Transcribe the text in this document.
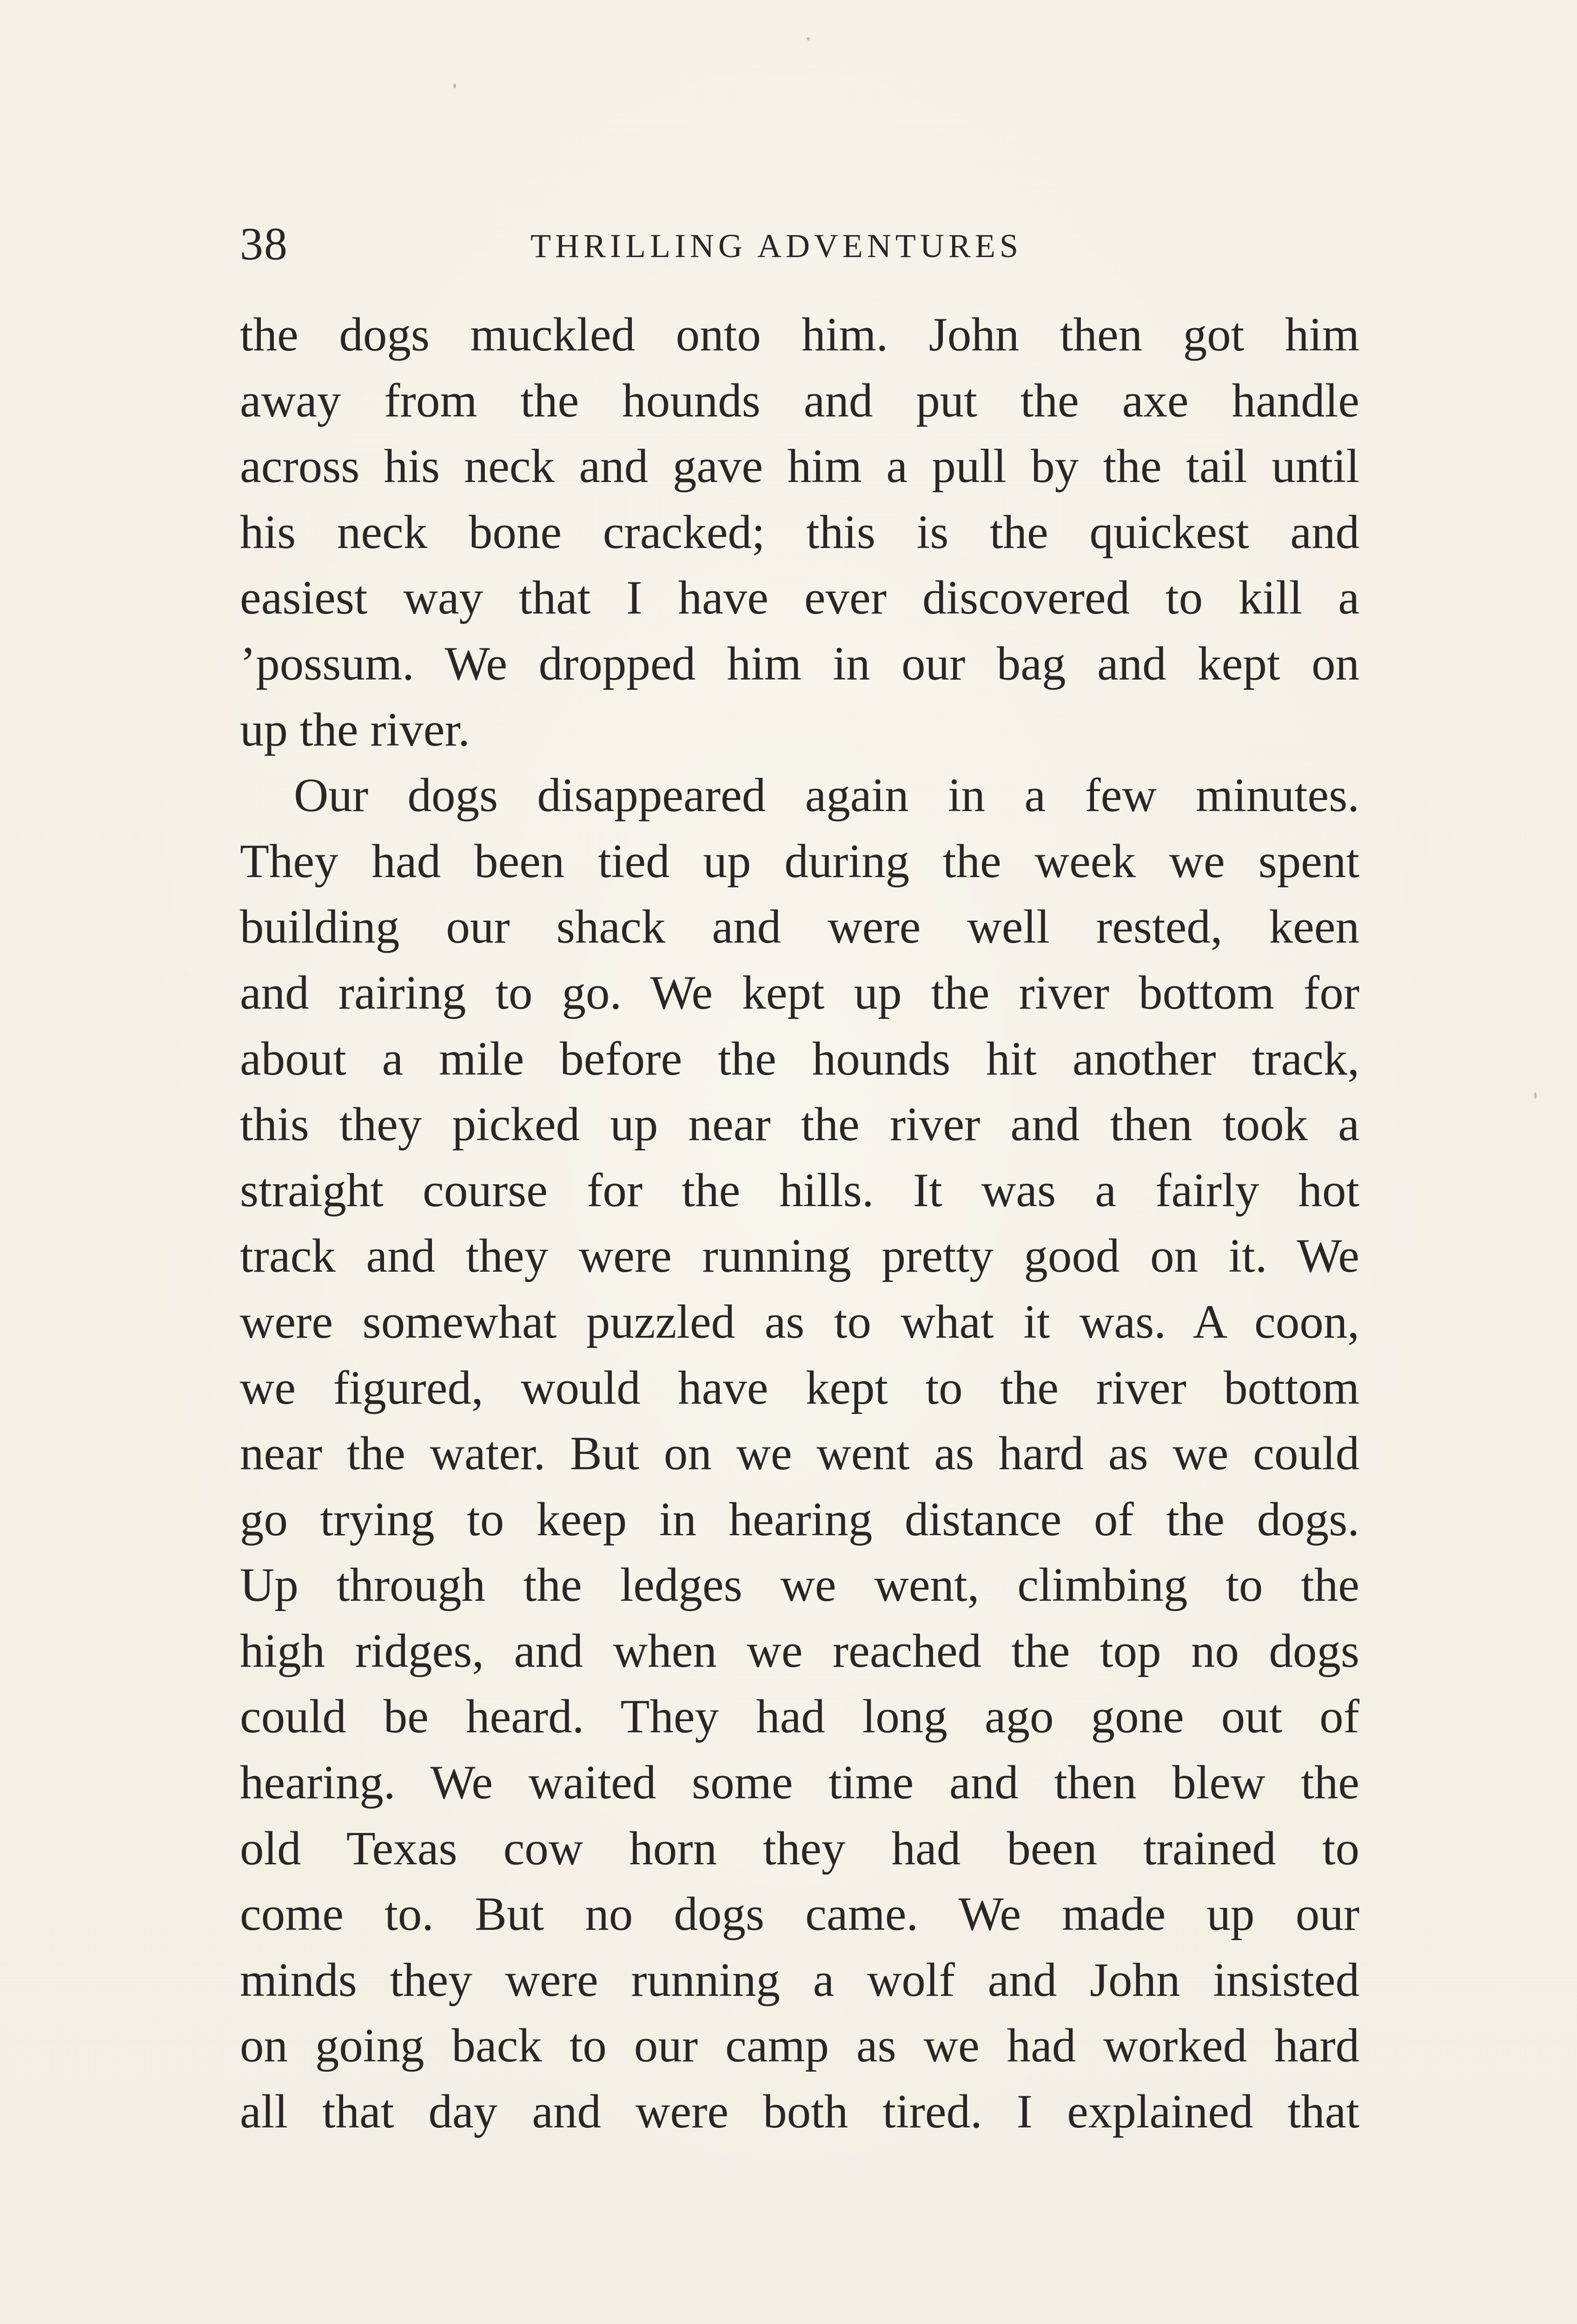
38	THRILLING ADVENTURES

the dogs muckled onto him. John then got him
away from the hounds and put the axe handle
across his neck and gave him a pull by the tail until
his neck bone cracked; this is the quickest and
easiest way that I have ever discovered to kill a
’possum. We dropped him in our bag and kept on
up the river.

Our dogs disappeared again in a few minutes.
They had been tied up during the week we spent
building our shack and were well rested, keen
and rairing to go. We kept up the river bottom for
about a mile before the hounds hit another track,
this they picked up near the river and then took a
straight course for the hills. It was a fairly hot
track and they were running pretty good on it. We
were somewhat puzzled as to what it was. A coon,
we figured, would have kept to the river bottom
near the water. But on we went as hard as we could
go trying to keep in hearing distance of the dogs.
Up through the ledges we went, climbing to the
high ridges, and when we reached the top no dogs
could be heard. They had long ago gone out of
hearing. We waited some time and then blew the
old Texas cow horn they had been trained to
come to. But no dogs came. We made up our
minds they were running a wolf and John insisted
on going back to our camp as we had worked hard
all that day and were both tired. I explained that
